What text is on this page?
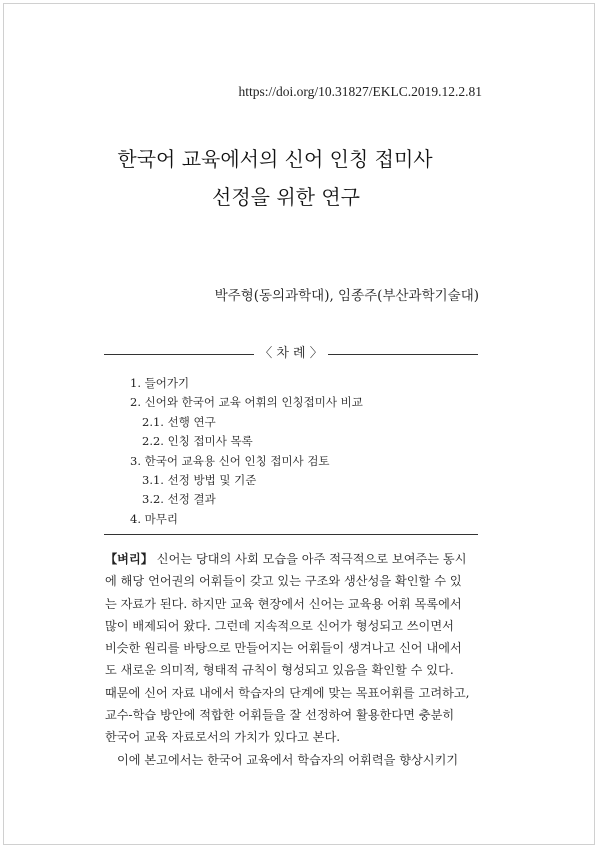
https://doi.org/10.31827/EKLC.2019.12.2.81
한국어 교육에서의 신어 인칭 접미사
선정을 위한 연구
박주형(동의과학대), 임종주(부산과학기술대)
〈 차 례 〉
1. 들어가기
2. 신어와 한국어 교육 어휘의 인칭접미사 비교
2.1. 선행 연구
2.2. 인칭 접미사 목록
3. 한국어 교육용 신어 인칭 접미사 검토
3.1. 선정 방법 및 기준
3.2. 선정 결과
4. 마무리
【벼리】 신어는 당대의 사회 모습을 아주 적극적으로 보여주는 동시
에 해당 언어권의 어휘들이 갖고 있는 구조와 생산성을 확인할 수 있
는 자료가 된다. 하지만 교육 현장에서 신어는 교육용 어휘 목록에서
많이 배제되어 왔다. 그런데 지속적으로 신어가 형성되고 쓰이면서
비슷한 원리를 바탕으로 만들어지는 어휘들이 생겨나고 신어 내에서
도 새로운 의미적, 형태적 규칙이 형성되고 있음을 확인할 수 있다.
때문에 신어 자료 내에서 학습자의 단계에 맞는 목표어휘를 고려하고,
교수-학습 방안에 적합한 어휘들을 잘 선정하여 활용한다면 충분히
한국어 교육 자료로서의 가치가 있다고 본다.
이에 본고에서는 한국어 교육에서 학습자의 어휘력을 향상시키기
